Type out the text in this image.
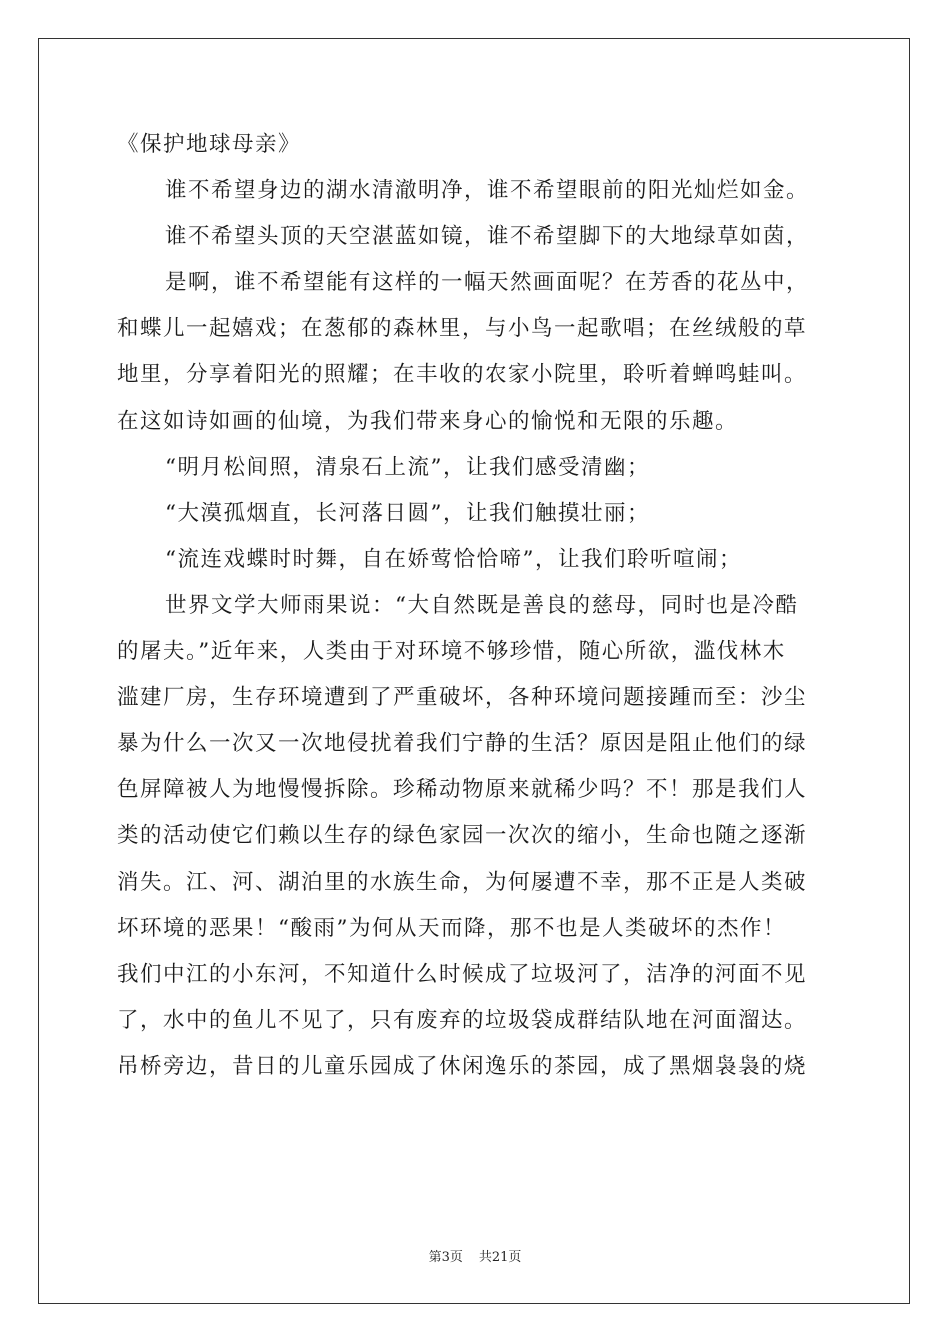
《保护地球母亲》
谁不希望身边的湖水清澈明净，谁不希望眼前的阳光灿烂如金。
谁不希望头顶的天空湛蓝如镜，谁不希望脚下的大地绿草如茵，
是啊，谁不希望能有这样的一幅天然画面呢？在芳香的花丛中，
和蝶儿一起嬉戏；在葱郁的森林里，与小鸟一起歌唱；在丝绒般的草
地里，分享着阳光的照耀；在丰收的农家小院里，聆听着蝉鸣蛙叫。
在这如诗如画的仙境，为我们带来身心的愉悦和无限的乐趣。
“明月松间照，清泉石上流”，让我们感受清幽；
“大漠孤烟直，长河落日圆”，让我们触摸壮丽；
“流连戏蝶时时舞，自在娇莺恰恰啼”，让我们聆听喧闹；
世界文学大师雨果说：“大自然既是善良的慈母，同时也是冷酷
的屠夫。”近年来，人类由于对环境不够珍惜，随心所欲，滥伐林木
滥建厂房，生存环境遭到了严重破坏，各种环境问题接踵而至：沙尘
暴为什么一次又一次地侵扰着我们宁静的生活？原因是阻止他们的绿
色屏障被人为地慢慢拆除。珍稀动物原来就稀少吗？不！那是我们人
类的活动使它们赖以生存的绿色家园一次次的缩小，生命也随之逐渐
消失。江、河、湖泊里的水族生命，为何屡遭不幸，那不正是人类破
坏环境的恶果！“酸雨”为何从天而降，那不也是人类破坏的杰作！
我们中江的小东河，不知道什么时候成了垃圾河了，洁净的河面不见
了，水中的鱼儿不见了，只有废弃的垃圾袋成群结队地在河面溜达。
吊桥旁边，昔日的儿童乐园成了休闲逸乐的茶园，成了黑烟袅袅的烧
第3页 共21页
